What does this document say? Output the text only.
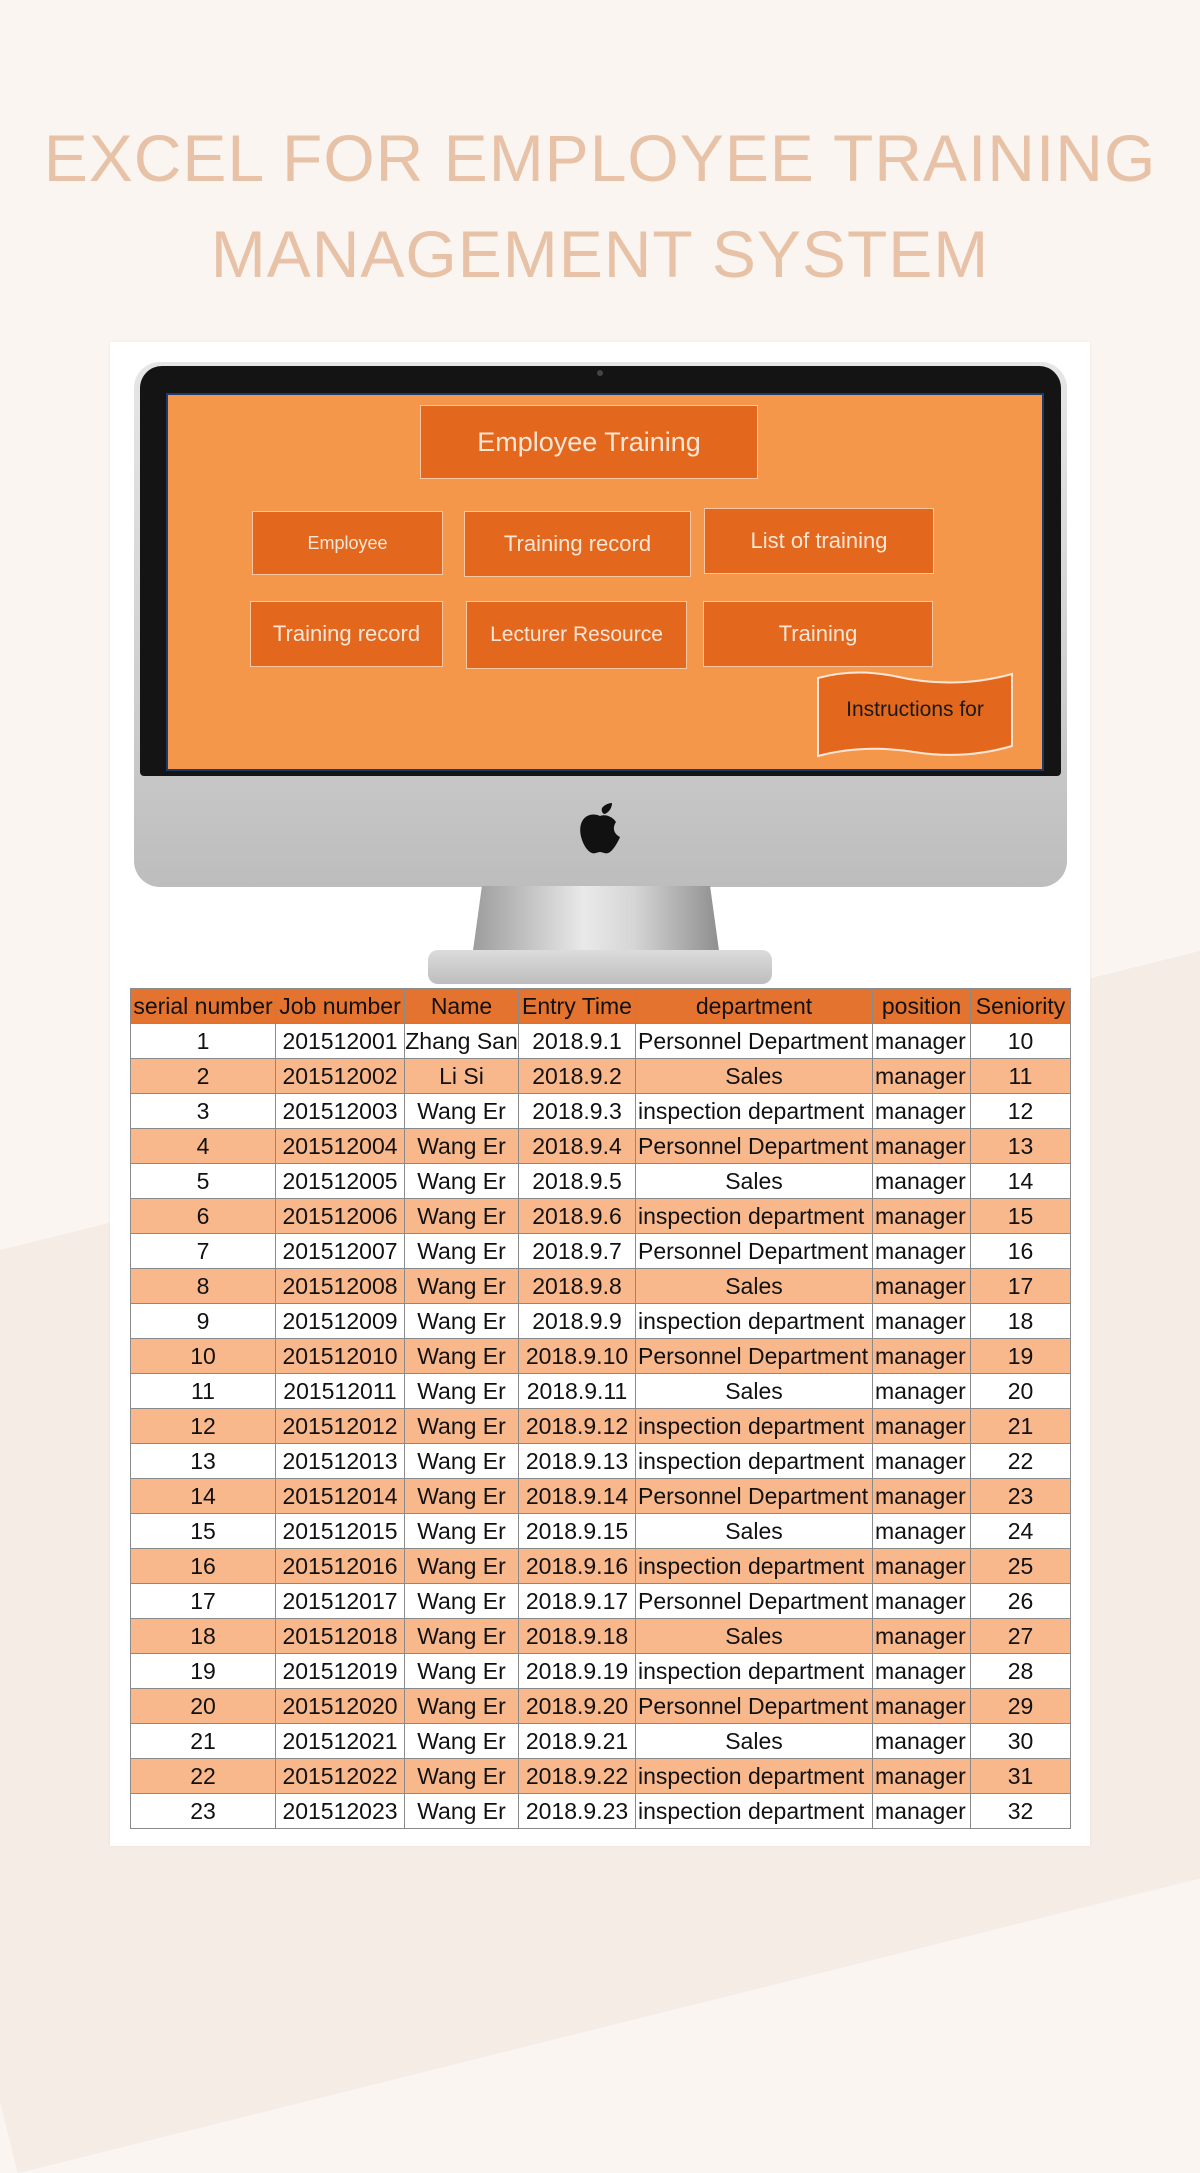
EXCEL FOR EMPLOYEE TRAINING
MANAGEMENT SYSTEM
Employee Training
Employee	Training record	List of training
Training record	Lecturer Resource	Training
Instructions for
serial number	Job number	Name	Entry Time	department	position	Seniority
1	201512001	Zhang San	2018.9.1	Personnel Department	manager	10
2	201512002	Li Si	2018.9.2	Sales	manager	11
3	201512003	Wang Er	2018.9.3	inspection department	manager	12
4	201512004	Wang Er	2018.9.4	Personnel Department	manager	13
5	201512005	Wang Er	2018.9.5	Sales	manager	14
6	201512006	Wang Er	2018.9.6	inspection department	manager	15
7	201512007	Wang Er	2018.9.7	Personnel Department	manager	16
8	201512008	Wang Er	2018.9.8	Sales	manager	17
9	201512009	Wang Er	2018.9.9	inspection department	manager	18
10	201512010	Wang Er	2018.9.10	Personnel Department	manager	19
11	201512011	Wang Er	2018.9.11	Sales	manager	20
12	201512012	Wang Er	2018.9.12	inspection department	manager	21
13	201512013	Wang Er	2018.9.13	inspection department	manager	22
14	201512014	Wang Er	2018.9.14	Personnel Department	manager	23
15	201512015	Wang Er	2018.9.15	Sales	manager	24
16	201512016	Wang Er	2018.9.16	inspection department	manager	25
17	201512017	Wang Er	2018.9.17	Personnel Department	manager	26
18	201512018	Wang Er	2018.9.18	Sales	manager	27
19	201512019	Wang Er	2018.9.19	inspection department	manager	28
20	201512020	Wang Er	2018.9.20	Personnel Department	manager	29
21	201512021	Wang Er	2018.9.21	Sales	manager	30
22	201512022	Wang Er	2018.9.22	inspection department	manager	31
23	201512023	Wang Er	2018.9.23	inspection department	manager	32
